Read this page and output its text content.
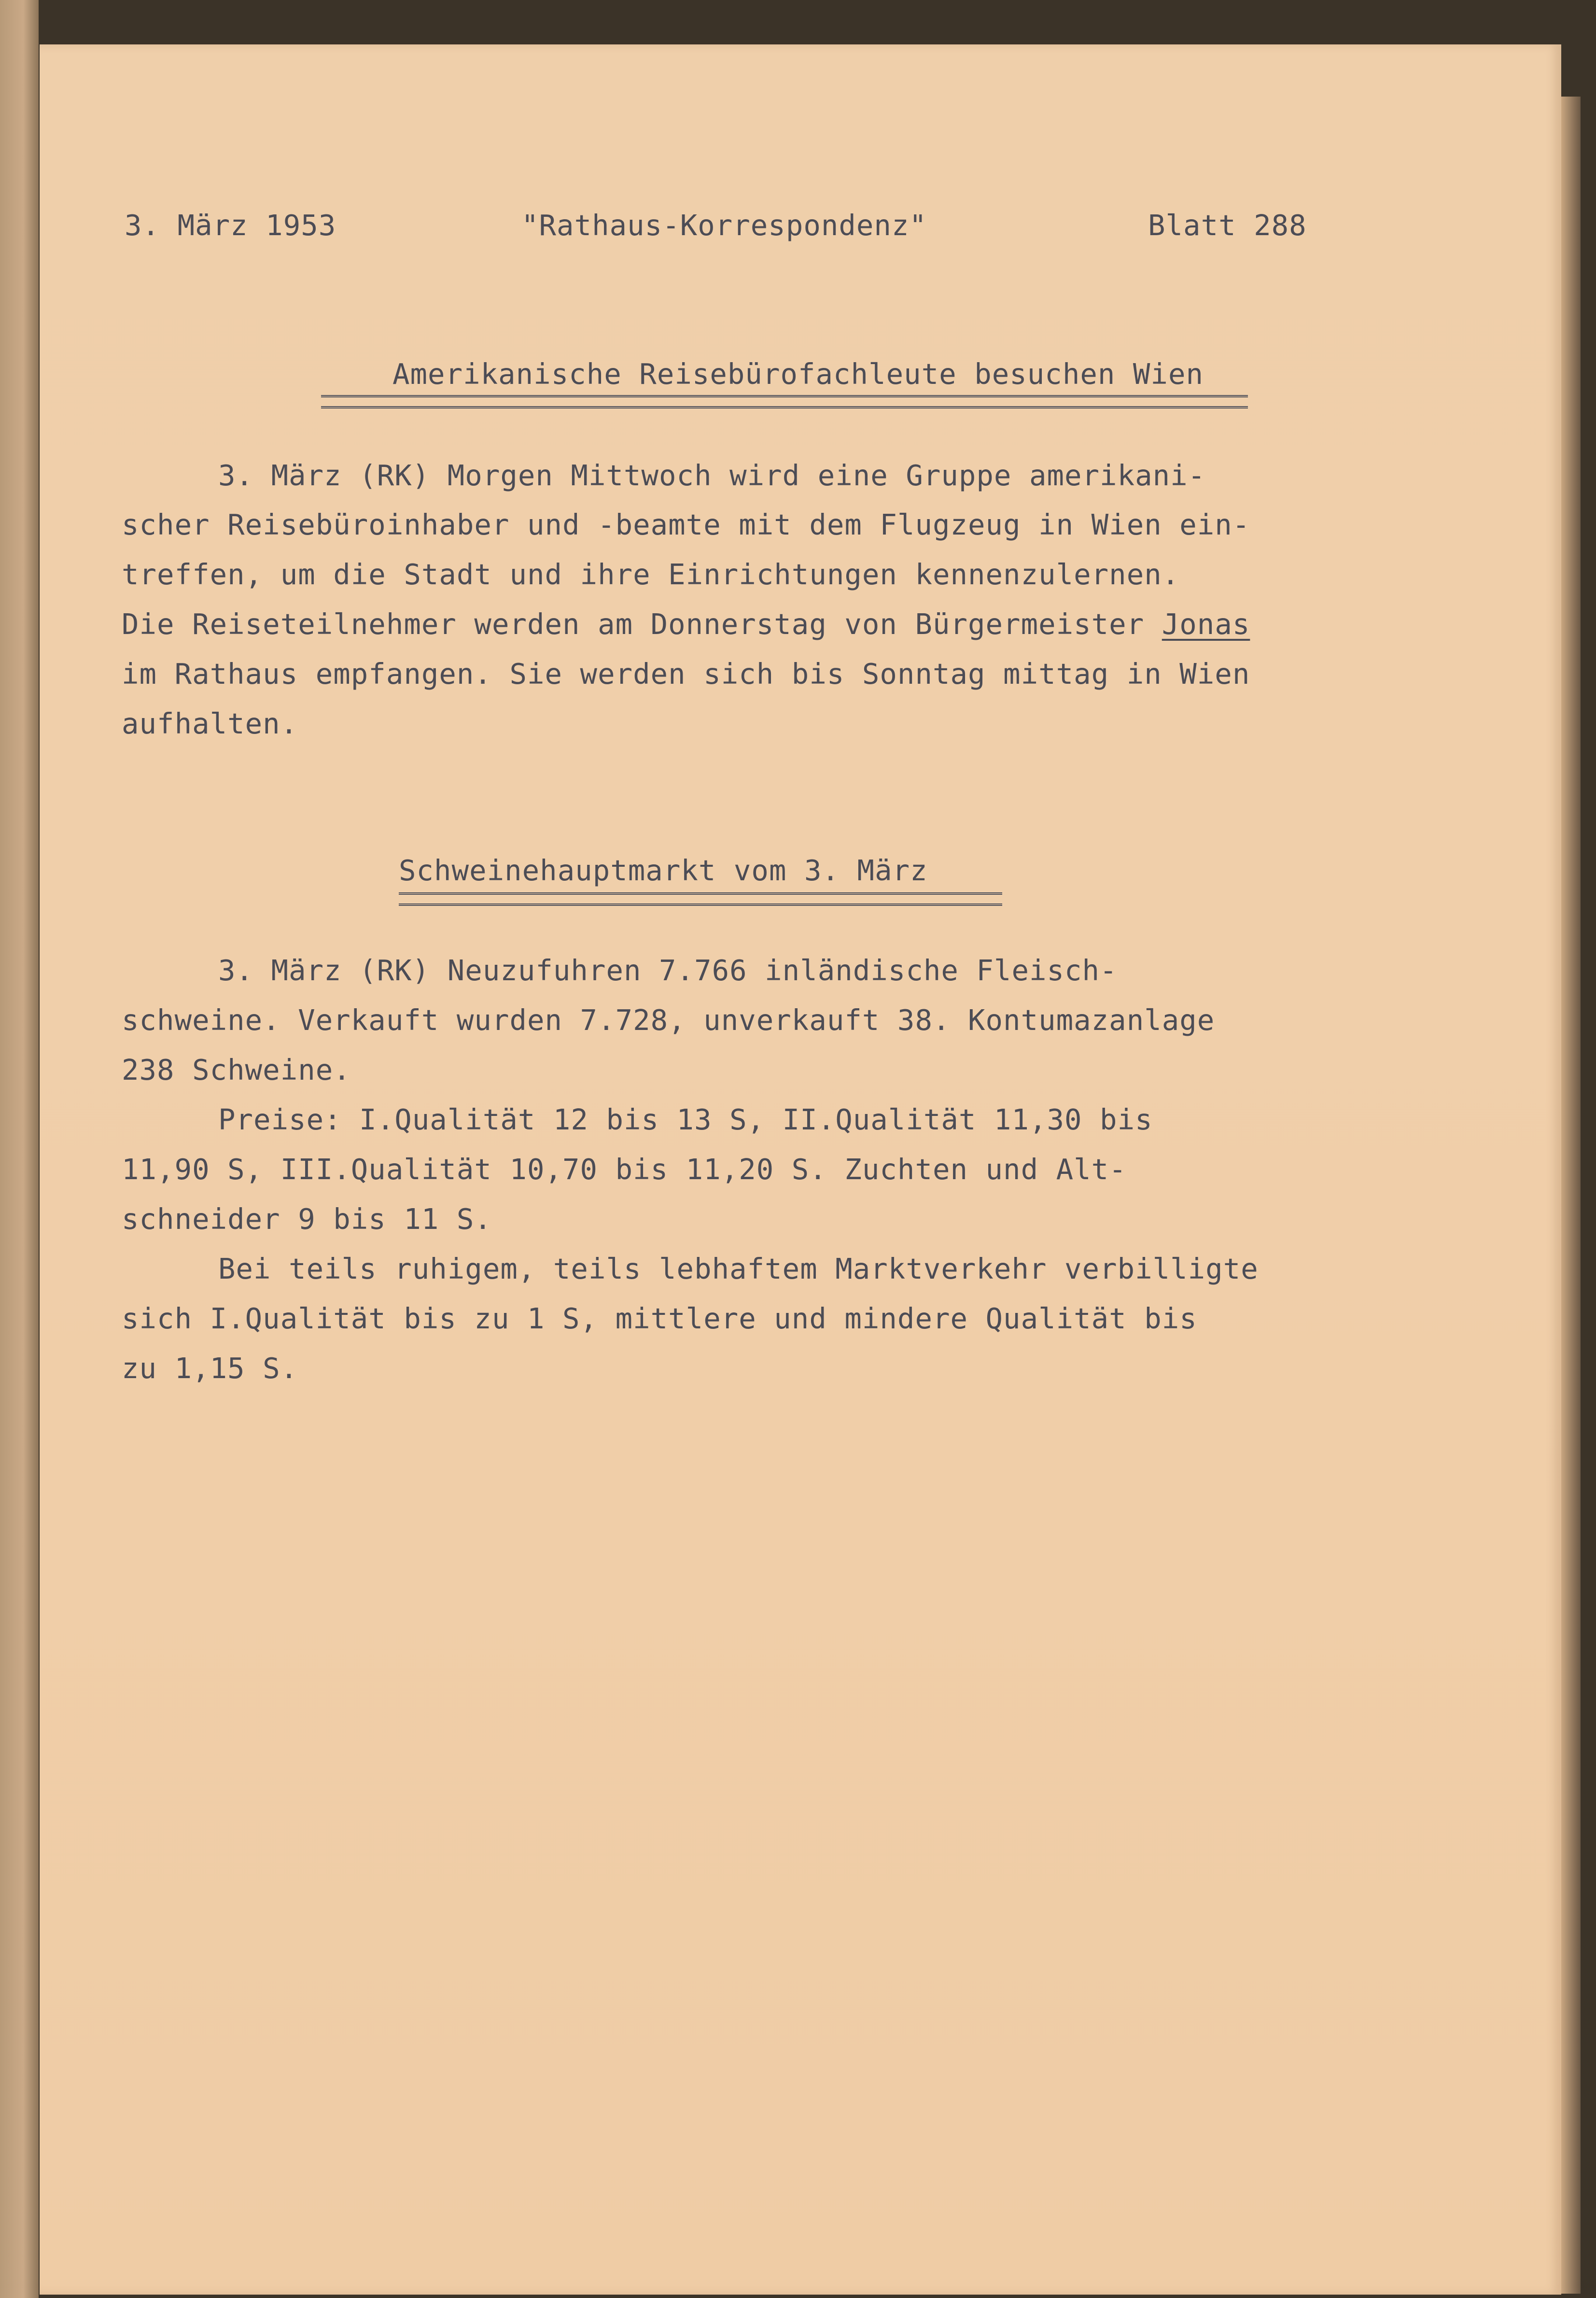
3. März 1953	"Rathaus-Korrespondenz"	Blatt 288
Amerikanische Reisebürofachleute besuchen Wien
3. März (RK) Morgen Mittwoch wird eine Gruppe amerikani-
scher Reisebüroinhaber und -beamte mit dem Flugzeug in Wien ein-
treffen, um die Stadt und ihre Einrichtungen kennenzulernen.
Die Reiseteilnehmer werden am Donnerstag von Bürgermeister Jonas
im Rathaus empfangen. Sie werden sich bis Sonntag mittag in Wien
aufhalten.
Schweinehauptmarkt vom 3. März
3. März (RK) Neuzufuhren 7.766 inländische Fleisch-
schweine. Verkauft wurden 7.728, unverkauft 38. Kontumazanlage
238 Schweine.
Preise: I.Qualität 12 bis 13 S, II.Qualität 11,30 bis
11,90 S, III.Qualität 10,70 bis 11,20 S. Zuchten und Alt-
schneider 9 bis 11 S.
Bei teils ruhigem, teils lebhaftem Marktverkehr verbilligte
sich I.Qualität bis zu 1 S, mittlere und mindere Qualität bis
zu 1,15 S.
